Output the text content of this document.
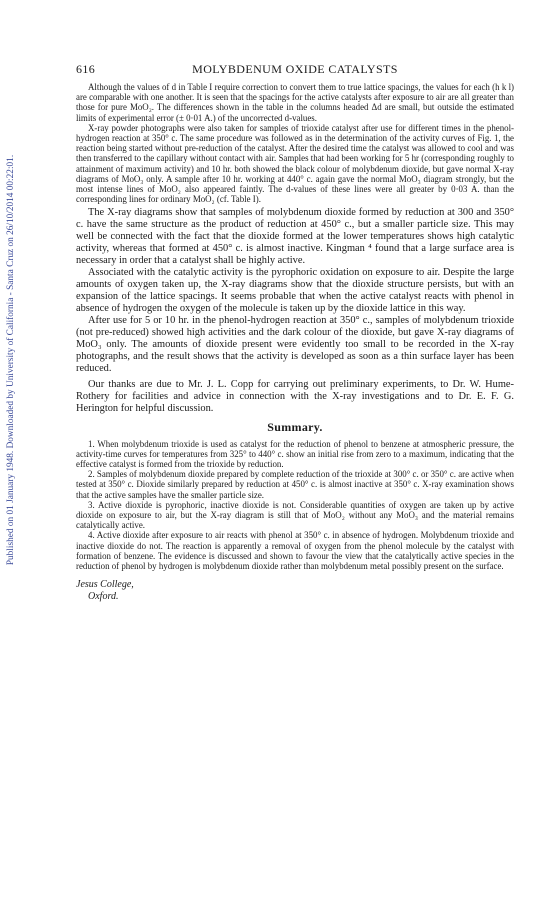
Published on 01 January 1948. Downloaded by University of California - Santa Cruz on 26/10/2014 00:22:01.
616	MOLYBDENUM OXIDE CATALYSTS

Although the values of d in Table I require correction to convert them to true lattice spacings, the values for each (h k l) are comparable with one another. It is seen that the spacings for the active catalysts after exposure to air are all greater than those for pure MoO₂. The differences shown in the table in the columns headed Δd are small, but outside the estimated limits of experimental error (± 0·01 A.) of the uncorrected d-values.

X-ray powder photographs were also taken for samples of trioxide catalyst after use for different times in the phenol-hydrogen reaction at 350° c. The same procedure was followed as in the determination of the activity curves of Fig. 1, the reaction being started without pre-reduction of the catalyst. After the desired time the catalyst was allowed to cool and was then transferred to the capillary without contact with air. Samples that had been working for 5 hr (corresponding roughly to attainment of maximum activity) and 10 hr. both showed the black colour of molybdenum dioxide, but gave normal X-ray diagrams of MoO₃ only. A sample after 10 hr. working at 440° c. again gave the normal MoO₃ diagram strongly, but the most intense lines of MoO₂ also appeared faintly. The d-values of these lines were all greater by 0·03 A. than the corresponding lines for ordinary MoO₂ (cf. Table I).

The X-ray diagrams show that samples of molybdenum dioxide formed by reduction at 300 and 350° c. have the same structure as the product of reduction at 450° c., but a smaller particle size. This may well be connected with the fact that the dioxide formed at the lower temperatures shows high catalytic activity, whereas that formed at 450° c. is almost inactive. Kingman ⁴ found that a large surface area is necessary in order that a catalyst shall be highly active.

Associated with the catalytic activity is the pyrophoric oxidation on exposure to air. Despite the large amounts of oxygen taken up, the X-ray diagrams show that the dioxide structure persists, but with an expansion of the lattice spacings. It seems probable that when the active catalyst reacts with phenol in absence of hydrogen the oxygen of the molecule is taken up by the dioxide lattice in this way.

After use for 5 or 10 hr. in the phenol-hydrogen reaction at 350° c., samples of molybdenum trioxide (not pre-reduced) showed high activities and the dark colour of the dioxide, but gave X-ray diagrams of MoO₃ only. The amounts of dioxide present were evidently too small to be recorded in the X-ray photographs, and the result shows that the activity is developed as soon as a thin surface layer has been reduced.

Our thanks are due to Mr. J. L. Copp for carrying out preliminary experiments, to Dr. W. Hume-Rothery for facilities and advice in connection with the X-ray investigations and to Dr. E. F. G. Herington for helpful discussion.

Summary.

1. When molybdenum trioxide is used as catalyst for the reduction of phenol to benzene at atmospheric pressure, the activity-time curves for temperatures from 325° to 440° c. show an initial rise from zero to a maximum, indicating that the effective catalyst is formed from the trioxide by reduction.

2. Samples of molybdenum dioxide prepared by complete reduction of the trioxide at 300° c. or 350° c. are active when tested at 350° c. Dioxide similarly prepared by reduction at 450° c. is almost inactive at 350° c. X-ray examination shows that the active samples have the smaller particle size.

3. Active dioxide is pyrophoric, inactive dioxide is not. Considerable quantities of oxygen are taken up by active dioxide on exposure to air, but the X-ray diagram is still that of MoO₂ without any MoO₃ and the material remains catalytically active.

4. Active dioxide after exposure to air reacts with phenol at 350° c. in absence of hydrogen. Molybdenum trioxide and inactive dioxide do not. The reaction is apparently a removal of oxygen from the phenol molecule by the catalyst with formation of benzene. The evidence is discussed and shown to favour the view that the catalytically active species in the reduction of phenol by hydrogen is molybdenum dioxide rather than molybdenum metal possibly present on the surface.

Jesus College,
Oxford.
